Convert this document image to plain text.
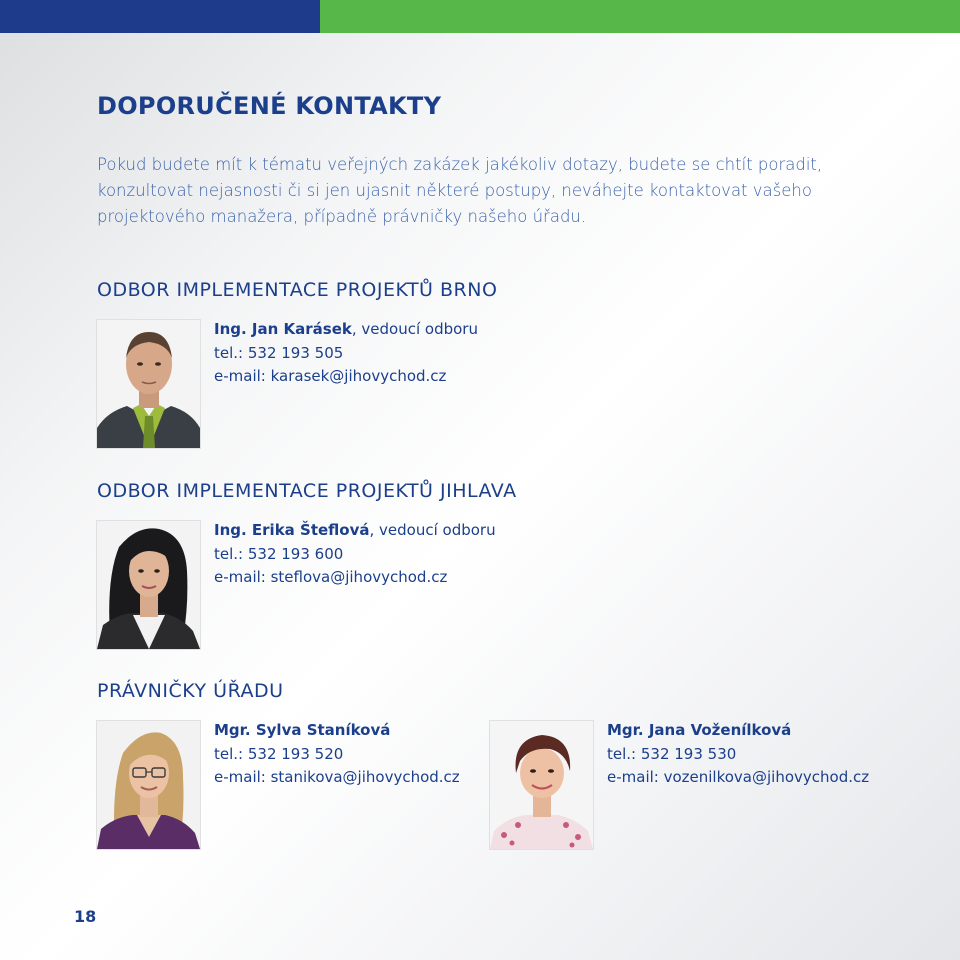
DOPORUČENÉ KONTAKTY

Pokud budete mít k tématu veřejných zakázek jakékoliv dotazy, budete se chtít poradit, konzultovat nejasnosti či si jen ujasnit některé postupy, neváhejte kontaktovat vašeho projektového manažera, případně právničky našeho úřadu.

ODBOR IMPLEMENTACE PROJEKTŮ BRNO
Ing. Jan Karásek, vedoucí odboru
tel.: 532 193 505
e-mail: karasek@jihovychod.cz
ODBOR IMPLEMENTACE PROJEKTŮ JIHLAVA
Ing. Erika Šteflová, vedoucí odboru
tel.: 532 193 600
e-mail: steflova@jihovychod.cz
PRÁVNIČKY ÚŘADU
Mgr. Sylva Staníková
tel.: 532 193 520
e-mail: stanikova@jihovychod.cz
Mgr. Jana Voženílková
tel.: 532 193 530
e-mail: vozenilkova@jihovychod.cz
18
